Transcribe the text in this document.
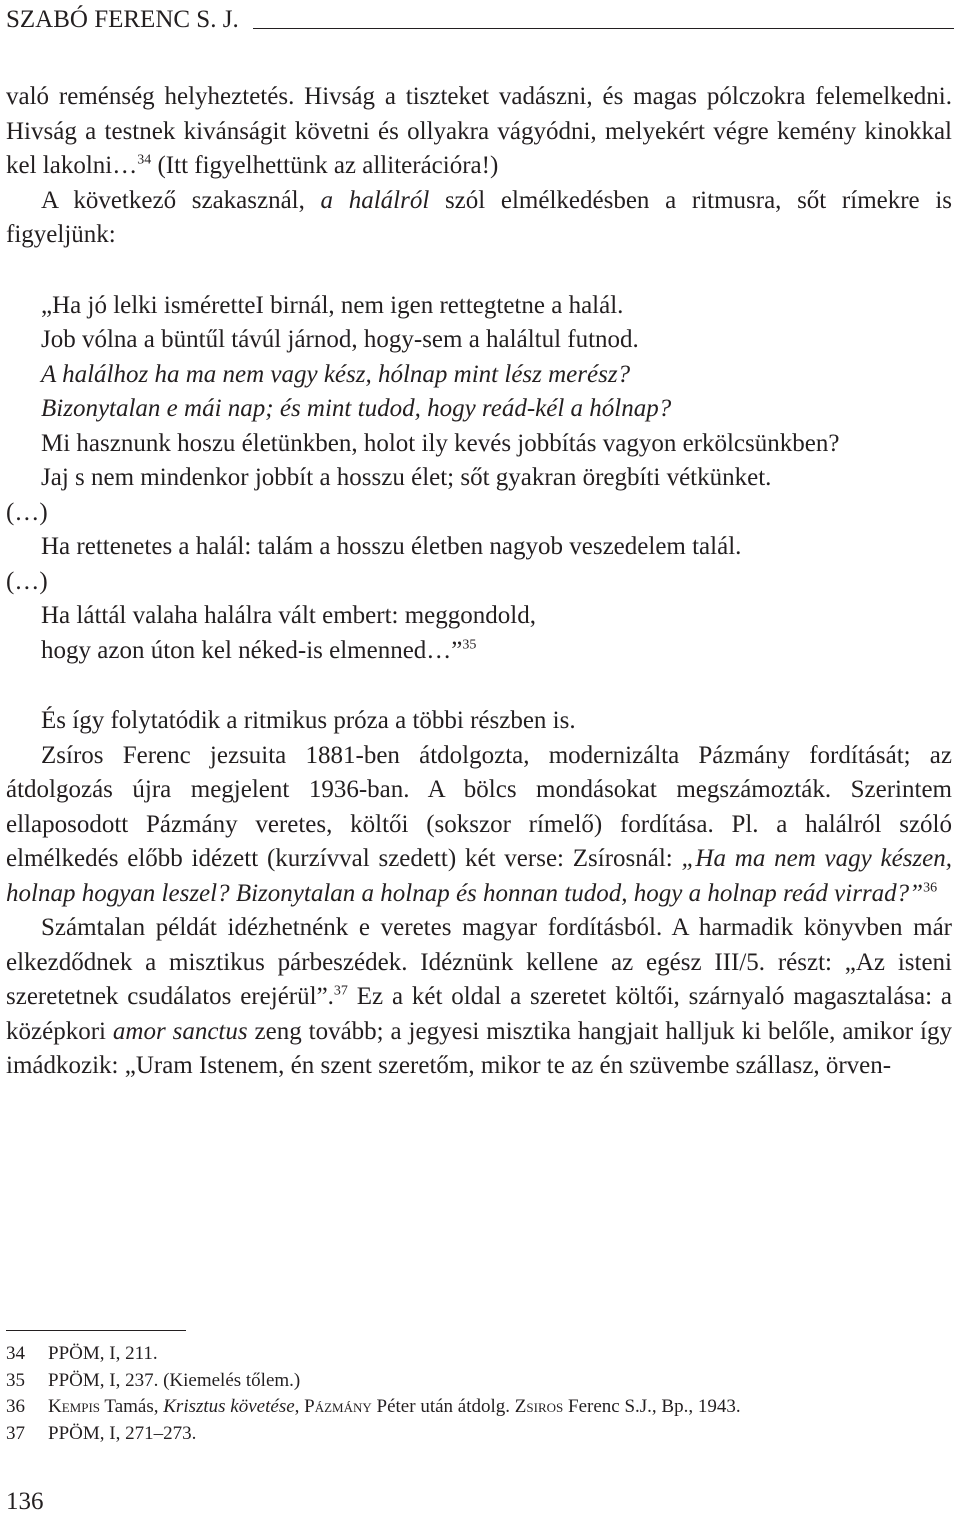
SZABÓ FERENC S. J.

való reménség helyheztetés. Hivság a tiszteket vadászni, és magas pólczokra felemelkedni. Hivság a testnek kivánságit követni és ollyakra vágyódni, melyekért végre kemény kinokkal kel lakolni…$^{34}$ (Itt figyelhettünk az alliterációra!)

A következő szakasznál, a halálról szól elmélkedésben a ritmusra, sőt rímekre is figyeljünk:

„Ha jó lelki isméretteI birnál, nem igen rettegtetne a halál.

Job vólna a büntűl távúl járnod, hogy-sem a haláltul futnod.

A halálhoz ha ma nem vagy kész, hólnap mint lész merész?

Bizonytalan e mái nap; és mint tudod, hogy reád-kél a hólnap?

Mi hasznunk hoszu életünkben, holot ily kevés jobbítás vagyon erkölcsünkben?

Jaj s nem mindenkor jobbít a hosszu élet; sőt gyakran öregbíti vétkünket.

(…)

Ha rettenetes a halál: talám a hosszu életben nagyob veszedelem talál.

(…)

Ha láttál valaha halálra vált embert: meggondold,

hogy azon úton kel néked-is elmenned…”$^{35}$

És így folytatódik a ritmikus próza a többi részben is.

Zsíros Ferenc jezsuita 1881-ben átdolgozta, modernizálta Pázmány fordítását; az átdolgozás újra megjelent 1936-ban. A bölcs mondásokat megszámozták. Szerintem ellaposodott Pázmány veretes, költői (sokszor rímelő) fordítása. Pl. a halálról szóló elmélkedés előbb idézett (kurzívval szedett) két verse: Zsírosnál: „Ha ma nem vagy készen, holnap hogyan leszel? Bizonytalan a holnap és honnan tudod, hogy a holnap reád virrad?”$^{36}$

Számtalan példát idézhetnénk e veretes magyar fordításból. A harmadik könyvben már elkezdődnek a misztikus párbeszédek. Idéznünk kellene az egész III/5. részt: „Az isteni szeretetnek csudálatos erejérül”.$^{37}$ Ez a két oldal a szeretet költői, szárnyaló magasztalása: a középkori amor sanctus zeng tovább; a jegyesi misztika hangjait halljuk ki belőle, amikor így imádkozik: „Uram Istenem, én szent szeretőm, mikor te az én szüvembe szállasz, örven-

34	PPÖM, I, 211.
35	PPÖM, I, 237. (Kiemelés tőlem.)
36	Kempis Tamás, Krisztus követése, Pázmány Péter után átdolg. Zsiros Ferenc S.J., Bp., 1943.
37	PPÖM, I, 271–273.
136
